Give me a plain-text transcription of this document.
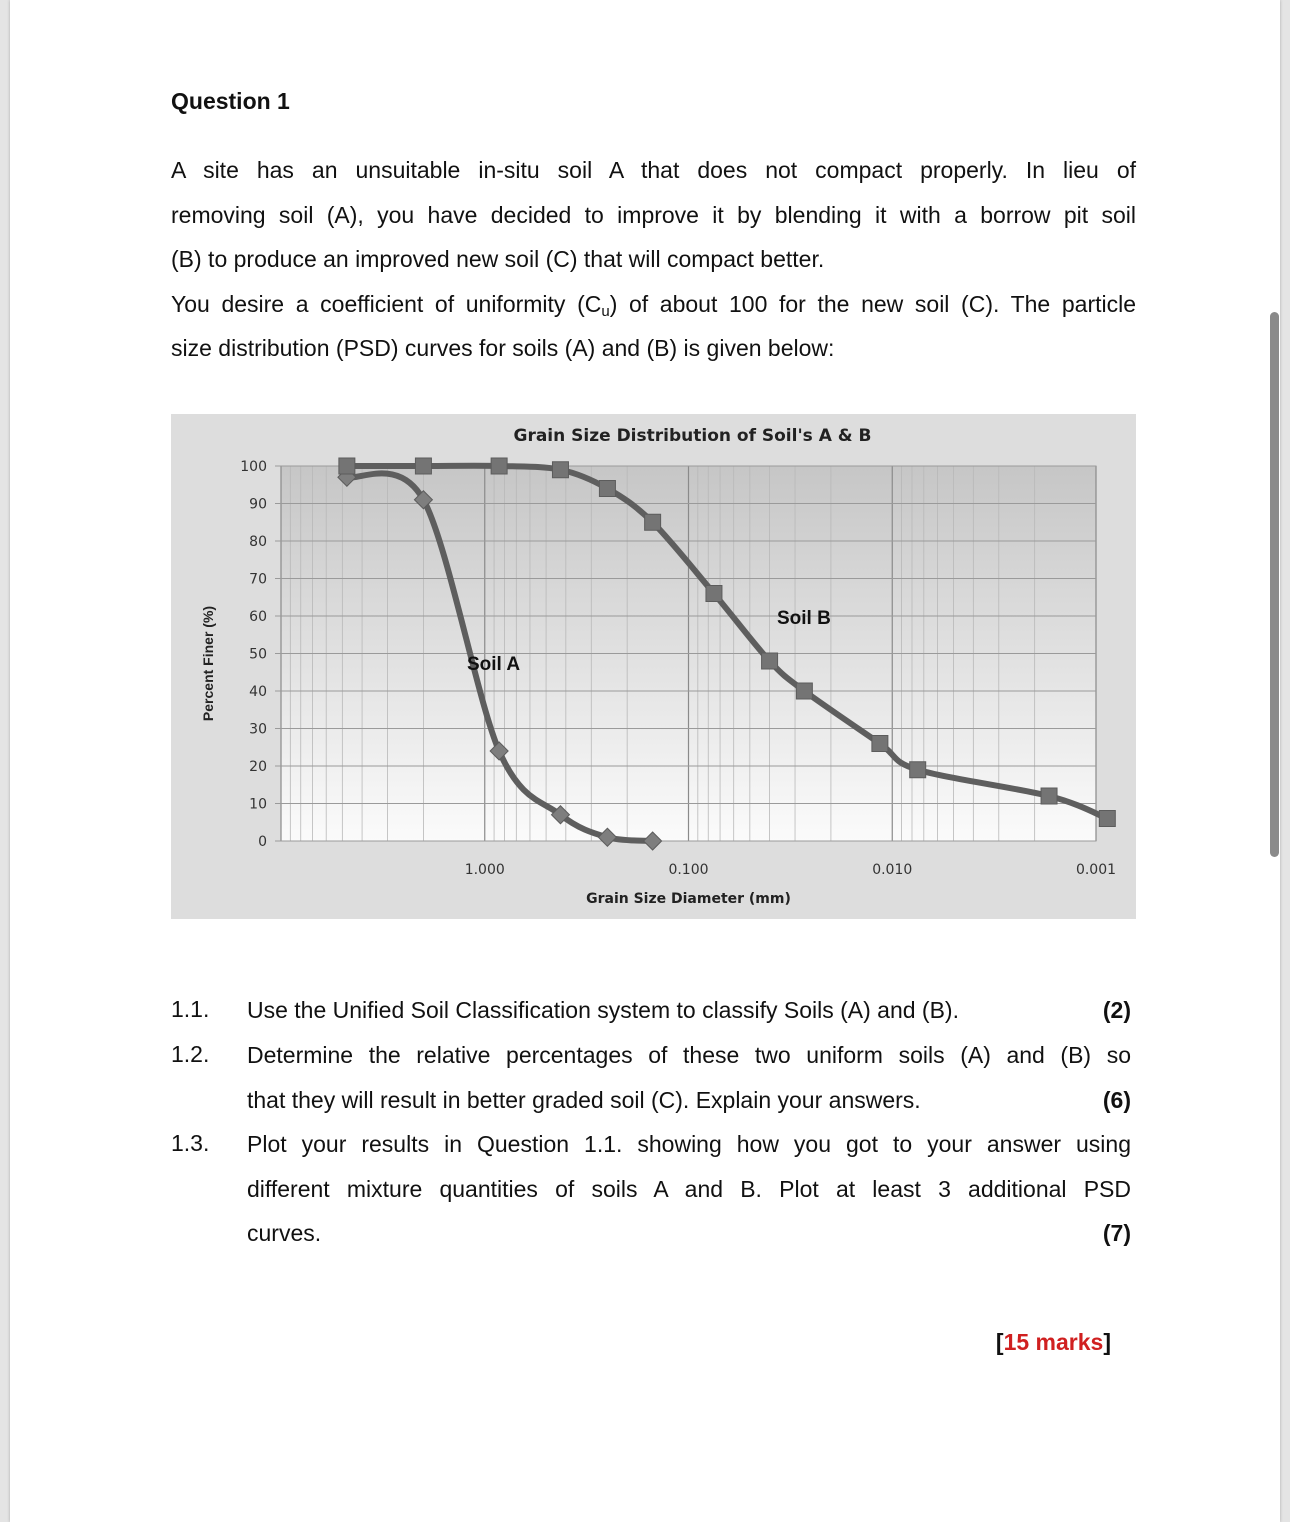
Question 1
A site has an unsuitable in-situ soil A that does not compact properly. In lieu of
removing soil (A), you have decided to improve it by blending it with a borrow pit soil
(B) to produce an improved new soil (C) that will compact better.
You desire a coefficient of uniformity (Cu) of about 100 for the new soil (C). The particle
size distribution (PSD) curves for soils (A) and (B) is given below:
100
90
80
70
60
50
40
30
20
10
0
1.000	0.100	0.010	0.001
Grain Size Distribution of Soil's A & B
Grain Size Diameter (mm)
Percent Finer (%)	Soil A
Soil B
1.1. Use the Unified Soil Classification system to classify Soils (A) and (B).	(2)
1.2. Determine the relative percentages of these two uniform soils (A) and (B) so
that they will result in better graded soil (C). Explain your answers.	(6)
1.3. Plot your results in Question 1.1. showing how you got to your answer using
different mixture quantities of soils A and B. Plot at least 3 additional PSD
curves.	(7)
[15 marks]
